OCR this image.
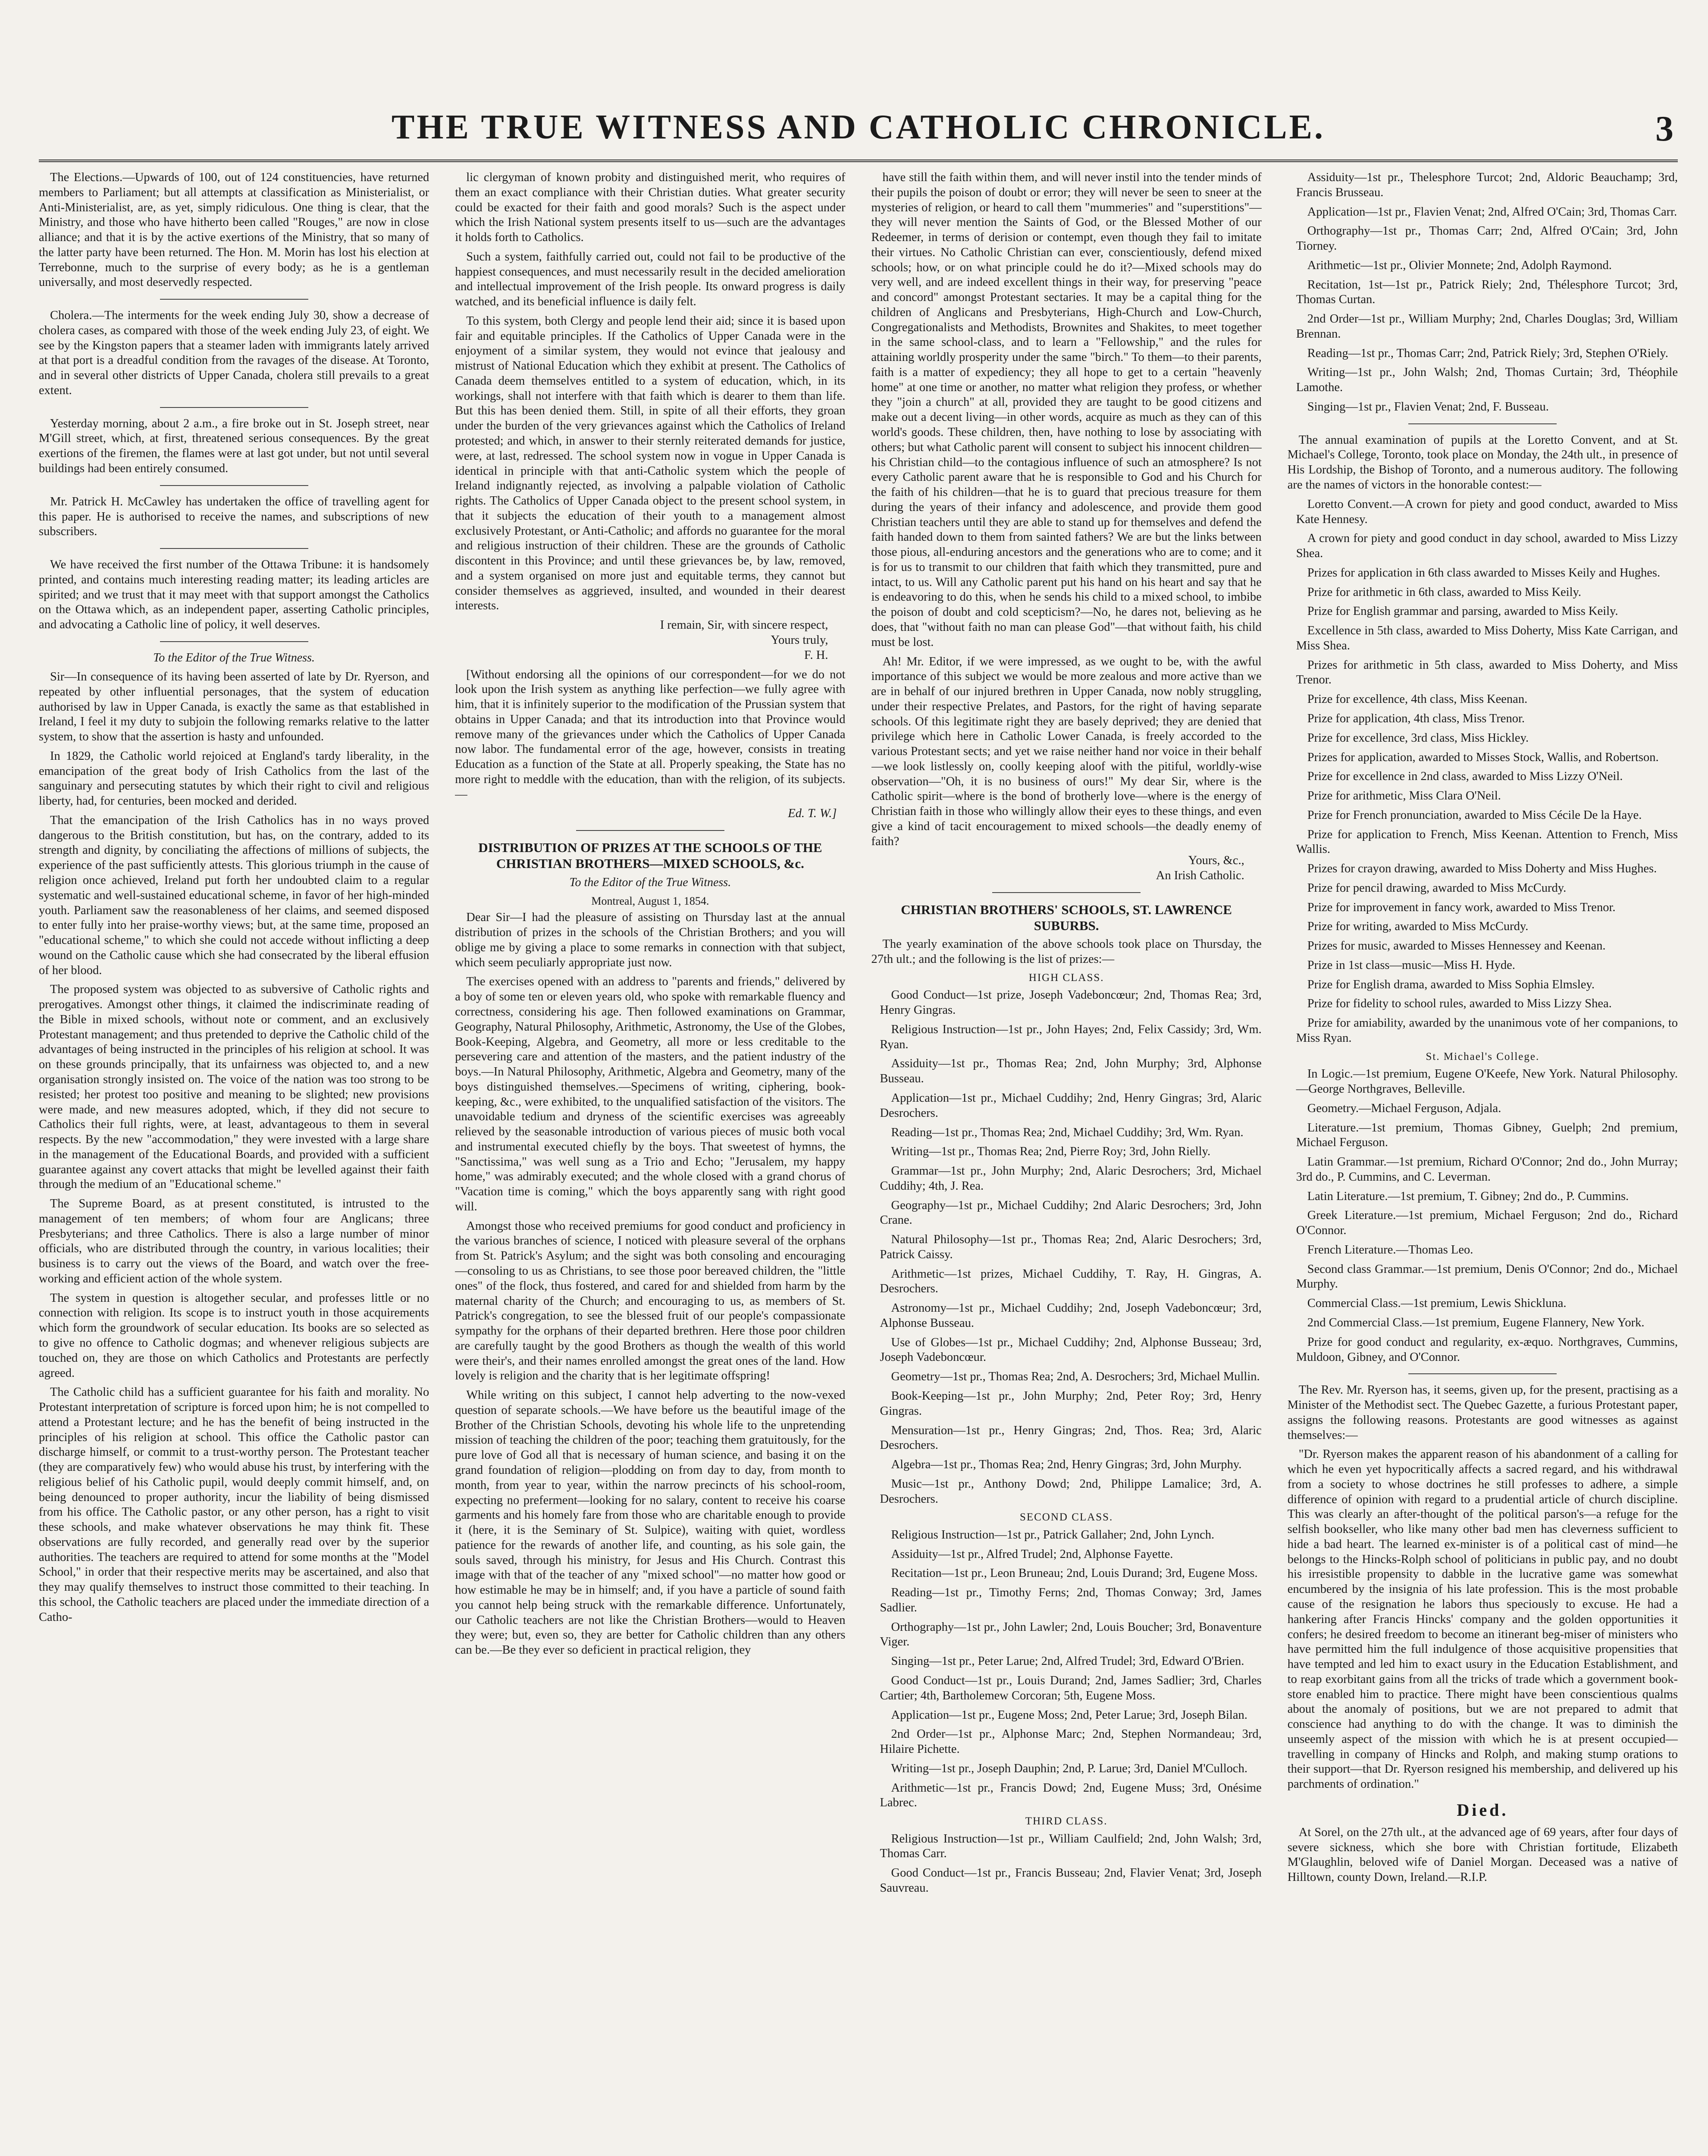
THE TRUE WITNESS AND CATHOLIC CHRONICLE.	3

The Elections.—Upwards of 100, out of 124 constituencies, have returned members to Parliament; but all attempts at classification as Ministerialist, or Anti-Ministerialist, are, as yet, simply ridiculous. One thing is clear, that the Ministry, and those who have hitherto been called "Rouges," are now in close alliance; and that it is by the active exertions of the Ministry, that so many of the latter party have been returned. The Hon. M. Morin has lost his election at Terrebonne, much to the surprise of every body; as he is a gentleman universally, and most deservedly respected.

Cholera.—The interments for the week ending July 30, show a decrease of cholera cases, as compared with those of the week ending July 23, of eight. We see by the Kingston papers that a steamer laden with immigrants lately arrived at that port is a dreadful condition from the ravages of the disease. At Toronto, and in several other districts of Upper Canada, cholera still prevails to a great extent.

Yesterday morning, about 2 a.m., a fire broke out in St. Joseph street, near M'Gill street, which, at first, threatened serious consequences. By the great exertions of the firemen, the flames were at last got under, but not until several buildings had been entirely consumed.

Mr. Patrick H. McCawley has undertaken the office of travelling agent for this paper. He is authorised to receive the names, and subscriptions of new subscribers.

We have received the first number of the Ottawa Tribune: it is handsomely printed, and contains much interesting reading matter; its leading articles are spirited; and we trust that it may meet with that support amongst the Catholics on the Ottawa which, as an independent paper, asserting Catholic principles, and advocating a Catholic line of policy, it well deserves.

To the Editor of the True Witness.

Sir—In consequence of its having been asserted of late by Dr. Ryerson, and repeated by other influential personages, that the system of education authorised by law in Upper Canada, is exactly the same as that established in Ireland, I feel it my duty to subjoin the following remarks relative to the latter system, to show that the assertion is hasty and unfounded.

In 1829, the Catholic world rejoiced at England's tardy liberality, in the emancipation of the great body of Irish Catholics from the last of the sanguinary and persecuting statutes by which their right to civil and religious liberty, had, for centuries, been mocked and derided.

That the emancipation of the Irish Catholics has in no ways proved dangerous to the British constitution, but has, on the contrary, added to its strength and dignity, by conciliating the affections of millions of subjects, the experience of the past sufficiently attests. This glorious triumph in the cause of religion once achieved, Ireland put forth her undoubted claim to a regular systematic and well-sustained educational scheme, in favor of her high-minded youth. Parliament saw the reasonableness of her claims, and seemed disposed to enter fully into her praise-worthy views; but, at the same time, proposed an "educational scheme," to which she could not accede without inflicting a deep wound on the Catholic cause which she had consecrated by the liberal effusion of her blood.

The proposed system was objected to as subversive of Catholic rights and prerogatives. Amongst other things, it claimed the indiscriminate reading of the Bible in mixed schools, without note or comment, and an exclusively Protestant management; and thus pretended to deprive the Catholic child of the advantages of being instructed in the principles of his religion at school. It was on these grounds principally, that its unfairness was objected to, and a new organisation strongly insisted on. The voice of the nation was too strong to be resisted; her protest too positive and meaning to be slighted; new provisions were made, and new measures adopted, which, if they did not secure to Catholics their full rights, were, at least, advantageous to them in several respects. By the new "accommodation," they were invested with a large share in the management of the Educational Boards, and provided with a sufficient guarantee against any covert attacks that might be levelled against their faith through the medium of an "Educational scheme."

The Supreme Board, as at present constituted, is intrusted to the management of ten members; of whom four are Anglicans; three Presbyterians; and three Catholics. There is also a large number of minor officials, who are distributed through the country, in various localities; their business is to carry out the views of the Board, and watch over the free-working and efficient action of the whole system.

The system in question is altogether secular, and professes little or no connection with religion. Its scope is to instruct youth in those acquirements which form the groundwork of secular education. Its books are so selected as to give no offence to Catholic dogmas; and whenever religious subjects are touched on, they are those on which Catholics and Protestants are perfectly agreed.

The Catholic child has a sufficient guarantee for his faith and morality. No Protestant interpretation of scripture is forced upon him; he is not compelled to attend a Protestant lecture; and he has the benefit of being instructed in the principles of his religion at school. This office the Catholic pastor can discharge himself, or commit to a trust-worthy person. The Protestant teacher (they are comparatively few) who would abuse his trust, by interfering with the religious belief of his Catholic pupil, would deeply commit himself, and, on being denounced to proper authority, incur the liability of being dismissed from his office. The Catholic pastor, or any other person, has a right to visit these schools, and make whatever observations he may think fit. These observations are fully recorded, and generally read over by the superior authorities. The teachers are required to attend for some months at the "Model School," in order that their respective merits may be ascertained, and also that they may qualify themselves to instruct those committed to their teaching. In this school, the Catholic teachers are placed under the immediate direction of a Catho-

lic clergyman of known probity and distinguished merit, who requires of them an exact compliance with their Christian duties. What greater security could be exacted for their faith and good morals? Such is the aspect under which the Irish National system presents itself to us—such are the advantages it holds forth to Catholics.

Such a system, faithfully carried out, could not fail to be productive of the happiest consequences, and must necessarily result in the decided amelioration and intellectual improvement of the Irish people. Its onward progress is daily watched, and its beneficial influence is daily felt.

To this system, both Clergy and people lend their aid; since it is based upon fair and equitable principles. If the Catholics of Upper Canada were in the enjoyment of a similar system, they would not evince that jealousy and mistrust of National Education which they exhibit at present. The Catholics of Canada deem themselves entitled to a system of education, which, in its workings, shall not interfere with that faith which is dearer to them than life. But this has been denied them. Still, in spite of all their efforts, they groan under the burden of the very grievances against which the Catholics of Ireland protested; and which, in answer to their sternly reiterated demands for justice, were, at last, redressed. The school system now in vogue in Upper Canada is identical in principle with that anti-Catholic system which the people of Ireland indignantly rejected, as involving a palpable violation of Catholic rights. The Catholics of Upper Canada object to the present school system, in that it subjects the education of their youth to a management almost exclusively Protestant, or Anti-Catholic; and affords no guarantee for the moral and religious instruction of their children. These are the grounds of Catholic discontent in this Province; and until these grievances be, by law, removed, and a system organised on more just and equitable terms, they cannot but consider themselves as aggrieved, insulted, and wounded in their dearest interests.

I remain, Sir, with sincere respect,
Yours truly,
F. H.

[Without endorsing all the opinions of our correspondent—for we do not look upon the Irish system as anything like perfection—we fully agree with him, that it is infinitely superior to the modification of the Prussian system that obtains in Upper Canada; and that its introduction into that Province would remove many of the grievances under which the Catholics of Upper Canada now labor. The fundamental error of the age, however, consists in treating Education as a function of the State at all. Properly speaking, the State has no more right to meddle with the education, than with the religion, of its subjects.—

Ed. T. W.]
DISTRIBUTION OF PRIZES AT THE SCHOOLS OF THE CHRISTIAN BROTHERS—MIXED SCHOOLS, &c.
To the Editor of the True Witness.
Montreal, August 1, 1854.

Dear Sir—I had the pleasure of assisting on Thursday last at the annual distribution of prizes in the schools of the Christian Brothers; and you will oblige me by giving a place to some remarks in connection with that subject, which seem peculiarly appropriate just now.

The exercises opened with an address to "parents and friends," delivered by a boy of some ten or eleven years old, who spoke with remarkable fluency and correctness, considering his age. Then followed examinations on Grammar, Geography, Natural Philosophy, Arithmetic, Astronomy, the Use of the Globes, Book-Keeping, Algebra, and Geometry, all more or less creditable to the persevering care and attention of the masters, and the patient industry of the boys.—In Natural Philosophy, Arithmetic, Algebra and Geometry, many of the boys distinguished themselves.—Specimens of writing, ciphering, book-keeping, &c., were exhibited, to the unqualified satisfaction of the visitors. The unavoidable tedium and dryness of the scientific exercises was agreeably relieved by the seasonable introduction of various pieces of music both vocal and instrumental executed chiefly by the boys. That sweetest of hymns, the "Sanctissima," was well sung as a Trio and Echo; "Jerusalem, my happy home," was admirably executed; and the whole closed with a grand chorus of "Vacation time is coming," which the boys apparently sang with right good will.

Amongst those who received premiums for good conduct and proficiency in the various branches of science, I noticed with pleasure several of the orphans from St. Patrick's Asylum; and the sight was both consoling and encouraging—consoling to us as Christians, to see those poor bereaved children, the "little ones" of the flock, thus fostered, and cared for and shielded from harm by the maternal charity of the Church; and encouraging to us, as members of St. Patrick's congregation, to see the blessed fruit of our people's compassionate sympathy for the orphans of their departed brethren. Here those poor children are carefully taught by the good Brothers as though the wealth of this world were their's, and their names enrolled amongst the great ones of the land. How lovely is religion and the charity that is her legitimate offspring!

While writing on this subject, I cannot help adverting to the now-vexed question of separate schools.—We have before us the beautiful image of the Brother of the Christian Schools, devoting his whole life to the unpretending mission of teaching the children of the poor; teaching them gratuitously, for the pure love of God all that is necessary of human science, and basing it on the grand foundation of religion—plodding on from day to day, from month to month, from year to year, within the narrow precincts of his school-room, expecting no preferment—looking for no salary, content to receive his coarse garments and his homely fare from those who are charitable enough to provide it (here, it is the Seminary of St. Sulpice), waiting with quiet, wordless patience for the rewards of another life, and counting, as his sole gain, the souls saved, through his ministry, for Jesus and His Church. Contrast this image with that of the teacher of any "mixed school"—no matter how good or how estimable he may be in himself; and, if you have a particle of sound faith you cannot help being struck with the remarkable difference. Unfortunately, our Catholic teachers are not like the Christian Brothers—would to Heaven they were; but, even so, they are better for Catholic children than any others can be.—Be they ever so deficient in practical religion, they

have still the faith within them, and will never instil into the tender minds of their pupils the poison of doubt or error; they will never be seen to sneer at the mysteries of religion, or heard to call them "mummeries" and "superstitions"—they will never mention the Saints of God, or the Blessed Mother of our Redeemer, in terms of derision or contempt, even though they fail to imitate their virtues. No Catholic Christian can ever, conscientiously, defend mixed schools; how, or on what principle could he do it?—Mixed schools may do very well, and are indeed excellent things in their way, for preserving "peace and concord" amongst Protestant sectaries. It may be a capital thing for the children of Anglicans and Presbyterians, High-Church and Low-Church, Congregationalists and Methodists, Brownites and Shakites, to meet together in the same school-class, and to learn a "Fellowship," and the rules for attaining worldly prosperity under the same "birch." To them—to their parents, faith is a matter of expediency; they all hope to get to a certain "heavenly home" at one time or another, no matter what religion they profess, or whether they "join a church" at all, provided they are taught to be good citizens and make out a decent living—in other words, acquire as much as they can of this world's goods. These children, then, have nothing to lose by associating with others; but what Catholic parent will consent to subject his innocent children—his Christian child—to the contagious influence of such an atmosphere? Is not every Catholic parent aware that he is responsible to God and his Church for the faith of his children—that he is to guard that precious treasure for them during the years of their infancy and adolescence, and provide them good Christian teachers until they are able to stand up for themselves and defend the faith handed down to them from sainted fathers? We are but the links between those pious, all-enduring ancestors and the generations who are to come; and it is for us to transmit to our children that faith which they transmitted, pure and intact, to us. Will any Catholic parent put his hand on his heart and say that he is endeavoring to do this, when he sends his child to a mixed school, to imbibe the poison of doubt and cold scepticism?—No, he dares not, believing as he does, that "without faith no man can please God"—that without faith, his child must be lost.

Ah! Mr. Editor, if we were impressed, as we ought to be, with the awful importance of this subject we would be more zealous and more active than we are in behalf of our injured brethren in Upper Canada, now nobly struggling, under their respective Prelates, and Pastors, for the right of having separate schools. Of this legitimate right they are basely deprived; they are denied that privilege which here in Catholic Lower Canada, is freely accorded to the various Protestant sects; and yet we raise neither hand nor voice in their behalf—we look listlessly on, coolly keeping aloof with the pitiful, worldly-wise observation—"Oh, it is no business of ours!" My dear Sir, where is the Catholic spirit—where is the bond of brotherly love—where is the energy of Christian faith in those who willingly allow their eyes to these things, and even give a kind of tacit encouragement to mixed schools—the deadly enemy of faith?

Yours, &c.,
An Irish Catholic.
CHRISTIAN BROTHERS' SCHOOLS, ST. LAWRENCE SUBURBS.

The yearly examination of the above schools took place on Thursday, the 27th ult.; and the following is the list of prizes:—

HIGH CLASS.

Good Conduct—1st prize, Joseph Vadeboncœur; 2nd, Thomas Rea; 3rd, Henry Gingras.

Religious Instruction—1st pr., John Hayes; 2nd, Felix Cassidy; 3rd, Wm. Ryan.

Assiduity—1st pr., Thomas Rea; 2nd, John Murphy; 3rd, Alphonse Busseau.

Application—1st pr., Michael Cuddihy; 2nd, Henry Gingras; 3rd, Alaric Desrochers.

Reading—1st pr., Thomas Rea; 2nd, Michael Cuddihy; 3rd, Wm. Ryan.

Writing—1st pr., Thomas Rea; 2nd, Pierre Roy; 3rd, John Rielly.

Grammar—1st pr., John Murphy; 2nd, Alaric Desrochers; 3rd, Michael Cuddihy; 4th, J. Rea.

Geography—1st pr., Michael Cuddihy; 2nd Alaric Desrochers; 3rd, John Crane.

Natural Philosophy—1st pr., Thomas Rea; 2nd, Alaric Desrochers; 3rd, Patrick Caissy.

Arithmetic—1st prizes, Michael Cuddihy, T. Ray, H. Gingras, A. Desrochers.

Astronomy—1st pr., Michael Cuddihy; 2nd, Joseph Vadeboncœur; 3rd, Alphonse Busseau.

Use of Globes—1st pr., Michael Cuddihy; 2nd, Alphonse Busseau; 3rd, Joseph Vadeboncœur.

Geometry—1st pr., Thomas Rea; 2nd, A. Desrochers; 3rd, Michael Mullin.

Book-Keeping—1st pr., John Murphy; 2nd, Peter Roy; 3rd, Henry Gingras.

Mensuration—1st pr., Henry Gingras; 2nd, Thos. Rea; 3rd, Alaric Desrochers.

Algebra—1st pr., Thomas Rea; 2nd, Henry Gingras; 3rd, John Murphy.

Music—1st pr., Anthony Dowd; 2nd, Philippe Lamalice; 3rd, A. Desrochers.

SECOND CLASS.

Religious Instruction—1st pr., Patrick Gallaher; 2nd, John Lynch.

Assiduity—1st pr., Alfred Trudel; 2nd, Alphonse Fayette.

Recitation—1st pr., Leon Bruneau; 2nd, Louis Durand; 3rd, Eugene Moss.

Reading—1st pr., Timothy Ferns; 2nd, Thomas Conway; 3rd, James Sadlier.

Orthography—1st pr., John Lawler; 2nd, Louis Boucher; 3rd, Bonaventure Viger.

Singing—1st pr., Peter Larue; 2nd, Alfred Trudel; 3rd, Edward O'Brien.

Good Conduct—1st pr., Louis Durand; 2nd, James Sadlier; 3rd, Charles Cartier; 4th, Bartholemew Corcoran; 5th, Eugene Moss.

Application—1st pr., Eugene Moss; 2nd, Peter Larue; 3rd, Joseph Bilan.

2nd Order—1st pr., Alphonse Marc; 2nd, Stephen Normandeau; 3rd, Hilaire Pichette.

Writing—1st pr., Joseph Dauphin; 2nd, P. Larue; 3rd, Daniel M'Culloch.

Arithmetic—1st pr., Francis Dowd; 2nd, Eugene Muss; 3rd, Onésime Labrec.

THIRD CLASS.

Religious Instruction—1st pr., William Caulfield; 2nd, John Walsh; 3rd, Thomas Carr.

Good Conduct—1st pr., Francis Busseau; 2nd, Flavier Venat; 3rd, Joseph Sauvreau.

Assiduity—1st pr., Thelesphore Turcot; 2nd, Aldoric Beauchamp; 3rd, Francis Brusseau.

Application—1st pr., Flavien Venat; 2nd, Alfred O'Cain; 3rd, Thomas Carr.

Orthography—1st pr., Thomas Carr; 2nd, Alfred O'Cain; 3rd, John Tiorney.

Arithmetic—1st pr., Olivier Monnete; 2nd, Adolph Raymond.

Recitation, 1st—1st pr., Patrick Riely; 2nd, Thélesphore Turcot; 3rd, Thomas Curtan.

2nd Order—1st pr., William Murphy; 2nd, Charles Douglas; 3rd, William Brennan.

Reading—1st pr., Thomas Carr; 2nd, Patrick Riely; 3rd, Stephen O'Riely.

Writing—1st pr., John Walsh; 2nd, Thomas Curtain; 3rd, Théophile Lamothe.

Singing—1st pr., Flavien Venat; 2nd, F. Busseau.

The annual examination of pupils at the Loretto Convent, and at St. Michael's College, Toronto, took place on Monday, the 24th ult., in presence of His Lordship, the Bishop of Toronto, and a numerous auditory. The following are the names of victors in the honorable contest:—

Loretto Convent.—A crown for piety and good conduct, awarded to Miss Kate Hennesy.

A crown for piety and good conduct in day school, awarded to Miss Lizzy Shea.

Prizes for application in 6th class awarded to Misses Keily and Hughes.

Prize for arithmetic in 6th class, awarded to Miss Keily.

Prize for English grammar and parsing, awarded to Miss Keily.

Excellence in 5th class, awarded to Miss Doherty, Miss Kate Carrigan, and Miss Shea.

Prizes for arithmetic in 5th class, awarded to Miss Doherty, and Miss Trenor.

Prize for excellence, 4th class, Miss Keenan.

Prize for application, 4th class, Miss Trenor.

Prize for excellence, 3rd class, Miss Hickley.

Prizes for application, awarded to Misses Stock, Wallis, and Robertson.

Prize for excellence in 2nd class, awarded to Miss Lizzy O'Neil.

Prize for arithmetic, Miss Clara O'Neil.

Prize for French pronunciation, awarded to Miss Cécile De la Haye.

Prize for application to French, Miss Keenan. Attention to French, Miss Wallis.

Prizes for crayon drawing, awarded to Miss Doherty and Miss Hughes.

Prize for pencil drawing, awarded to Miss McCurdy.

Prize for improvement in fancy work, awarded to Miss Trenor.

Prize for writing, awarded to Miss McCurdy.

Prizes for music, awarded to Misses Hennessey and Keenan.

Prize in 1st class—music—Miss H. Hyde.

Prize for English drama, awarded to Miss Sophia Elmsley.

Prize for fidelity to school rules, awarded to Miss Lizzy Shea.

Prize for amiability, awarded by the unanimous vote of her companions, to Miss Ryan.

St. Michael's College.

In Logic.—1st premium, Eugene O'Keefe, New York. Natural Philosophy.—George Northgraves, Belleville.

Geometry.—Michael Ferguson, Adjala.

Literature.—1st premium, Thomas Gibney, Guelph; 2nd premium, Michael Ferguson.

Latin Grammar.—1st premium, Richard O'Connor; 2nd do., John Murray; 3rd do., P. Cummins, and C. Leverman.

Latin Literature.—1st premium, T. Gibney; 2nd do., P. Cummins.

Greek Literature.—1st premium, Michael Ferguson; 2nd do., Richard O'Connor.

French Literature.—Thomas Leo.

Second class Grammar.—1st premium, Denis O'Connor; 2nd do., Michael Murphy.

Commercial Class.—1st premium, Lewis Shickluna.

2nd Commercial Class.—1st premium, Eugene Flannery, New York.

Prize for good conduct and regularity, ex-æquo. Northgraves, Cummins, Muldoon, Gibney, and O'Connor.

The Rev. Mr. Ryerson has, it seems, given up, for the present, practising as a Minister of the Methodist sect. The Quebec Gazette, a furious Protestant paper, assigns the following reasons. Protestants are good witnesses as against themselves:—

"Dr. Ryerson makes the apparent reason of his abandonment of a calling for which he even yet hypocritically affects a sacred regard, and his withdrawal from a society to whose doctrines he still professes to adhere, a simple difference of opinion with regard to a prudential article of church discipline. This was clearly an after-thought of the political parson's—a refuge for the selfish bookseller, who like many other bad men has cleverness sufficient to hide a bad heart. The learned ex-minister is of a political cast of mind—he belongs to the Hincks-Rolph school of politicians in public pay, and no doubt his irresistible propensity to dabble in the lucrative game was somewhat encumbered by the insignia of his late profession. This is the most probable cause of the resignation he labors thus speciously to excuse. He had a hankering after Francis Hincks' company and the golden opportunities it confers; he desired freedom to become an itinerant beg-miser of ministers who have permitted him the full indulgence of those acquisitive propensities that have tempted and led him to exact usury in the Education Establishment, and to reap exorbitant gains from all the tricks of trade which a government book-store enabled him to practice. There might have been conscientious qualms about the anomaly of positions, but we are not prepared to admit that conscience had anything to do with the change. It was to diminish the unseemly aspect of the mission with which he is at present occupied—travelling in company of Hincks and Rolph, and making stump orations to their support—that Dr. Ryerson resigned his membership, and delivered up his parchments of ordination."

Died.

At Sorel, on the 27th ult., at the advanced age of 69 years, after four days of severe sickness, which she bore with Christian fortitude, Elizabeth M'Glaughlin, beloved wife of Daniel Morgan. Deceased was a native of Hilltown, county Down, Ireland.—R.I.P.
